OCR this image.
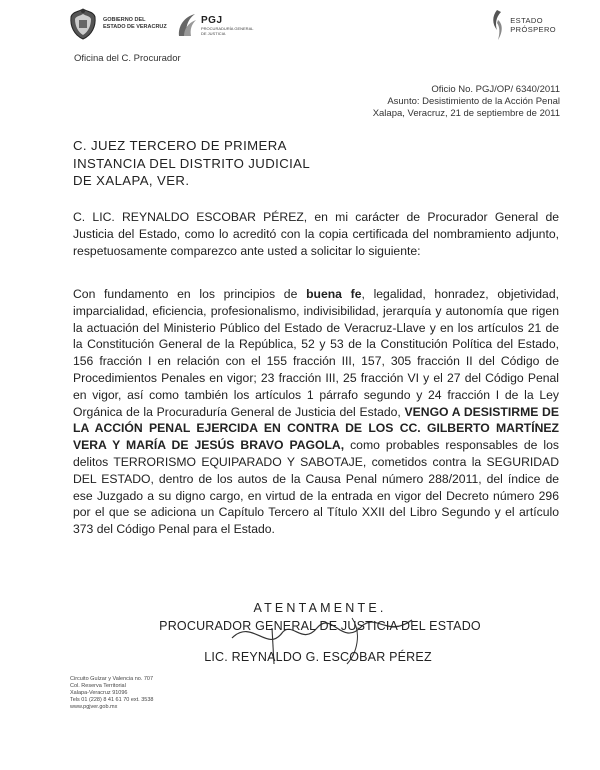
GOBIERNO DEL
ESTADO DE VERACRUZ
PGJ
PROCURADURÍA GENERAL
DE JUSTICIA
ESTADO
PRÓSPERO
Oficina del C. Procurador
Oficio No. PGJ/OP/ 6340/2011
Asunto: Desistimiento de la Acción Penal
Xalapa, Veracruz, 21 de septiembre de 2011
C. JUEZ TERCERO DE PRIMERA
INSTANCIA DEL DISTRITO JUDICIAL
DE XALAPA, VER.
C. LIC. REYNALDO ESCOBAR PÉREZ, en mi carácter de Procurador General de Justicia del Estado, como lo acreditó con la copia certificada del nombramiento adjunto, respetuosamente comparezco ante usted a solicitar lo siguiente:
Con fundamento en los principios de buena fe, legalidad, honradez, objetividad, imparcialidad, eficiencia, profesionalismo, indivisibilidad, jerarquía y autonomía que rigen la actuación del Ministerio Público del Estado de Veracruz-Llave y en los artículos 21 de la Constitución General de la República, 52 y 53 de la Constitución Política del Estado, 156 fracción I en relación con el 155 fracción III, 157, 305 fracción II del Código de Procedimientos Penales en vigor; 23 fracción III, 25 fracción VI y el 27 del Código Penal en vigor, así como también los artículos 1 párrafo segundo y 24 fracción I de la Ley Orgánica de la Procuraduría General de Justicia del Estado, VENGO A DESISTIRME DE LA ACCIÓN PENAL EJERCIDA EN CONTRA DE LOS CC. GILBERTO MARTÍNEZ VERA Y MARÍA DE JESÚS BRAVO PAGOLA, como probables responsables de los delitos TERRORISMO EQUIPARADO Y SABOTAJE, cometidos contra la SEGURIDAD DEL ESTADO, dentro de los autos de la Causa Penal número 288/2011, del índice de ese Juzgado a su digno cargo, en virtud de la entrada en vigor del Decreto número 296 por el que se adiciona un Capítulo Tercero al Título XXII del Libro Segundo y el artículo 373 del Código Penal para el Estado.
ATENTAMENTE.
PROCURADOR GENERAL DE JUSTICIA DEL ESTADO
LIC. REYNALDO G. ESCOBAR PÉREZ
Circuito Guízar y Valencia no. 707
Col. Reserva Territorial
Xalapa-Veracruz 91096
Tels 01 (228) 8 41 61 70 ext. 3538
www.pgjver.gob.mx
